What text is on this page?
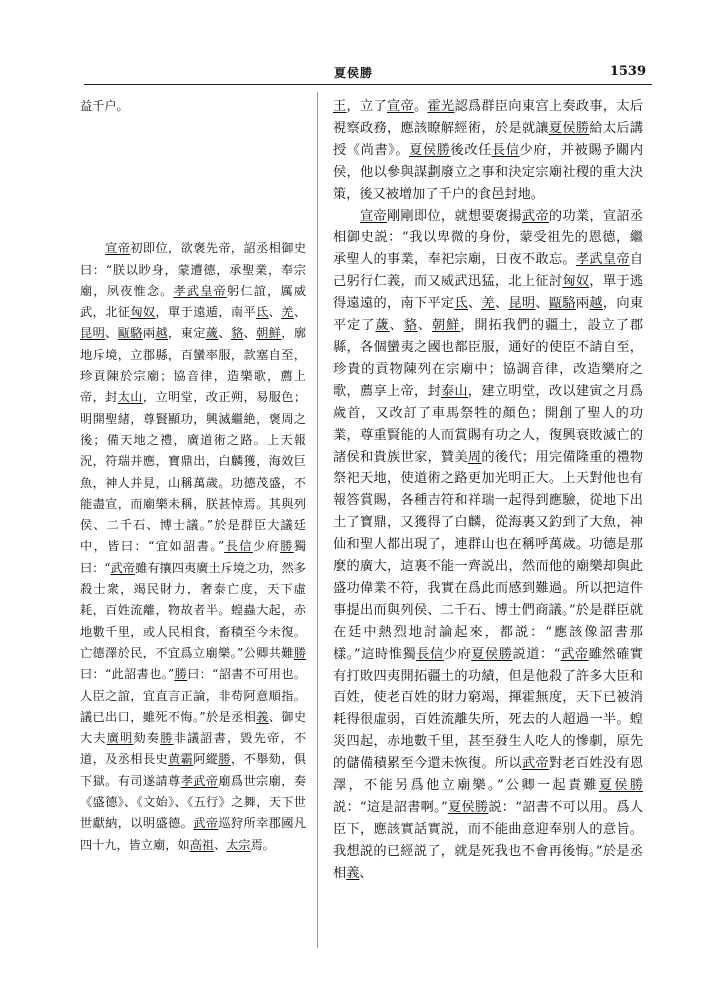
夏侯勝	1539

益千户。

　　宣帝初即位，欲褒先帝，詔丞相御史曰：“朕以眇身，蒙遭德，承聖業，奉宗廟，夙夜惟念。孝武皇帝躬仁誼，厲威武，北征匈奴，單于遠遁，南平氐、羌、昆明、甌駱兩越，東定薉、貉、朝鮮，廓地斥境，立郡縣，百蠻率服，款塞自至，珍貢陳於宗廟；協音律，造樂歌，薦上帝，封太山，立明堂，改正朔，易服色；明開聖緒，尊賢顯功，興滅繼絶，褒周之後；備天地之禮，廣道術之路。上天報況，符瑞并應，寶鼎出，白麟獲，海效巨魚，神人并見，山稱萬歲。功德茂盛，不能盡宣，而廟樂未稱，朕甚悼焉。其與列侯、二千石、博士議。”於是群臣大議廷中，皆曰：“宜如詔書。”長信少府勝獨曰：“武帝雖有攘四夷廣土斥境之功，然多殺士衆，竭民財力，奢泰亡度，天下虛耗，百姓流離，物故者半。蝗蟲大起，赤地數千里，或人民相食，畜積至今未復。亡德澤於民，不宜爲立廟樂。”公卿共難勝曰：“此詔書也。”勝曰：“詔書不可用也。人臣之誼，宜直言正論，非苟阿意順指。議已出口，雖死不悔。”於是丞相義、御史大夫廣明劾奏勝非議詔書，毀先帝，不道，及丞相長史黄霸阿縱勝，不舉劾，俱下獄。有司遂請尊孝武帝廟爲世宗廟，奏《盛德》、《文始》、《五行》之舞，天下世世獻納，以明盛德。武帝巡狩所幸郡國凡四十九，皆立廟，如高祖、太宗焉。

王，立了宣帝。霍光認爲群臣向東宫上奏政事，太后視察政務，應該瞭解經術，於是就讓夏侯勝給太后講授《尚書》。夏侯勝後改任長信少府，并被賜予關内侯，他以參與謀劃廢立之事和決定宗廟社稷的重大決策，後又被增加了千户的食邑封地。

　　宣帝剛剛即位，就想要褒揚武帝的功業，宣詔丞相御史説：“我以卑微的身份，蒙受祖先的恩德，繼承聖人的事業，奉祀宗廟，日夜不敢忘。孝武皇帝自己躬行仁義，而又威武迅猛，北上征討匈奴，單于逃得遠遠的，南下平定氐、羌、昆明、甌駱兩越，向東平定了薉、貉、朝鮮，開拓我們的疆土，設立了郡縣，各個蠻夷之國也都臣服，通好的使臣不請自至，珍貴的貢物陳列在宗廟中；協調音律，改造樂府之歌，薦享上帝，封泰山，建立明堂，改以建寅之月爲歲首，又改訂了車馬祭牲的顏色；開創了聖人的功業，尊重賢能的人而賞賜有功之人，復興衰敗滅亡的諸侯和貴族世家，贊美周的後代；用完備隆重的禮物祭祀天地，使道術之路更加光明正大。上天對他也有報答賞賜，各種吉符和祥瑞一起得到應驗，從地下出土了寶鼎，又獲得了白麟，從海裏又釣到了大魚，神仙和聖人都出現了，連群山也在稱呼萬歲。功德是那麼的廣大，這裏不能一齊説出，然而他的廟樂却與此盛功偉業不符，我實在爲此而感到難過。所以把這件事提出而與列侯、二千石、博士們商議。”於是群臣就在廷中熱烈地討論起來，都説：“應該像詔書那樣。”這時惟獨長信少府夏侯勝説道：“武帝雖然確實有打敗四夷開拓疆土的功績，但是他殺了許多大臣和百姓，使老百姓的財力窮竭，揮霍無度，天下已被消耗得很虛弱，百姓流離失所，死去的人超過一半。蝗災四起，赤地數千里，甚至發生人吃人的慘劇，原先的儲備積累至今還未恢復。所以武帝對老百姓没有恩澤，不能另爲他立廟樂。”公卿一起責難夏侯勝説：“這是詔書啊。”夏侯勝説：“詔書不可以用。爲人臣下，應該實話實説，而不能曲意迎奉别人的意旨。我想説的已經説了，就是死我也不會再後悔。”於是丞相義、
